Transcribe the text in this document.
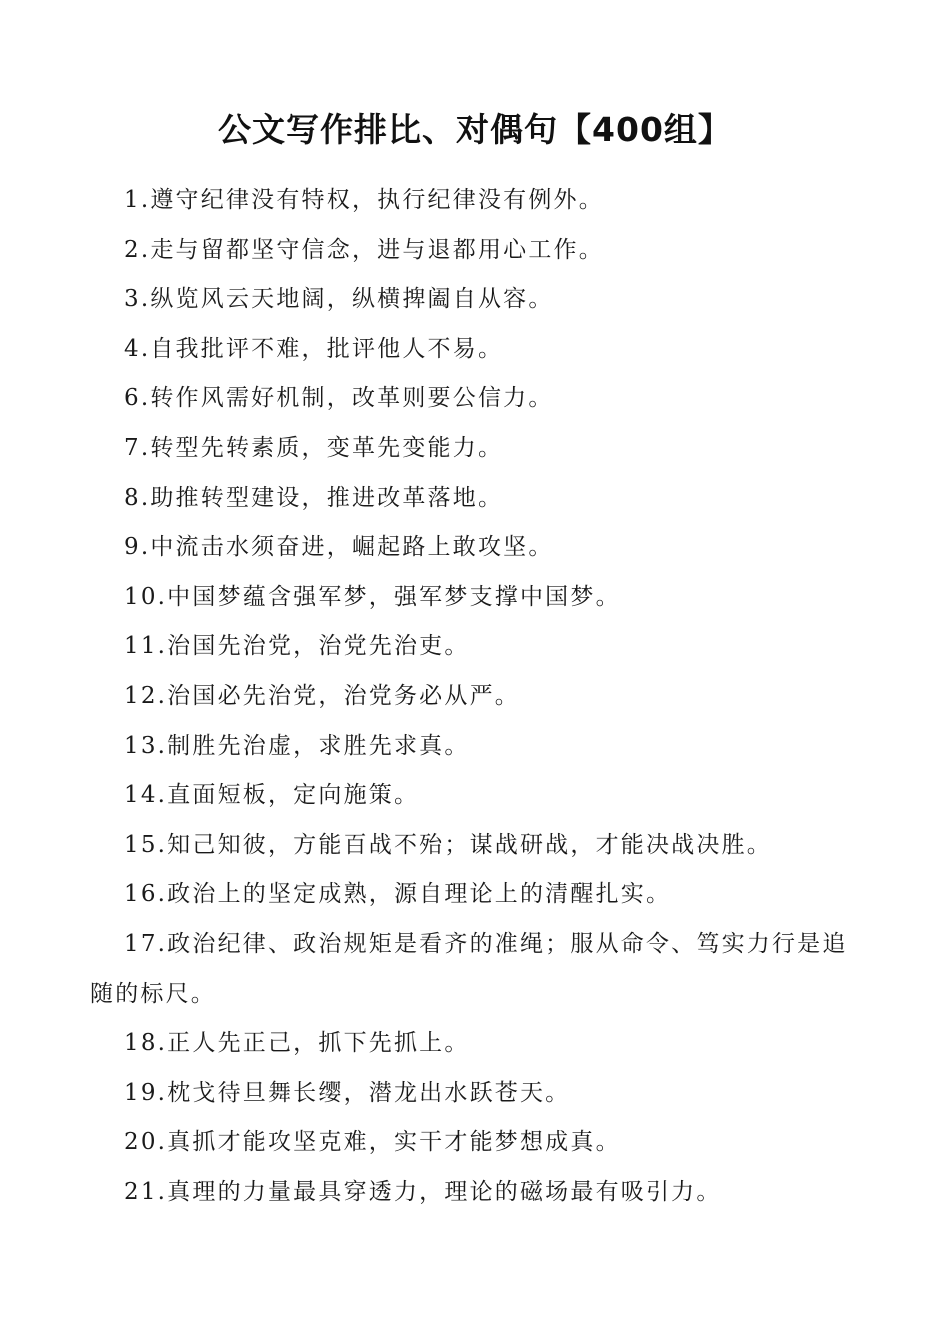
公文写作排比、对偶句【400组】

1.遵守纪律没有特权，执行纪律没有例外。

2.走与留都坚守信念，进与退都用心工作。

3.纵览风云天地阔，纵横捭阖自从容。

4.自我批评不难，批评他人不易。

6.转作风需好机制，改革则要公信力。

7.转型先转素质，变革先变能力。

8.助推转型建设，推进改革落地。

9.中流击水须奋进，崛起路上敢攻坚。

10.中国梦蕴含强军梦，强军梦支撑中国梦。

11.治国先治党，治党先治吏。

12.治国必先治党，治党务必从严。

13.制胜先治虚，求胜先求真。

14.直面短板，定向施策。

15.知己知彼，方能百战不殆；谋战研战，才能决战决胜。

16.政治上的坚定成熟，源自理论上的清醒扎实。

17.政治纪律、政治规矩是看齐的准绳；服从命令、笃实力行是追随的标尺。

18.正人先正己，抓下先抓上。

19.枕戈待旦舞长缨，潜龙出水跃苍天。

20.真抓才能攻坚克难，实干才能梦想成真。

21.真理的力量最具穿透力，理论的磁场最有吸引力。
